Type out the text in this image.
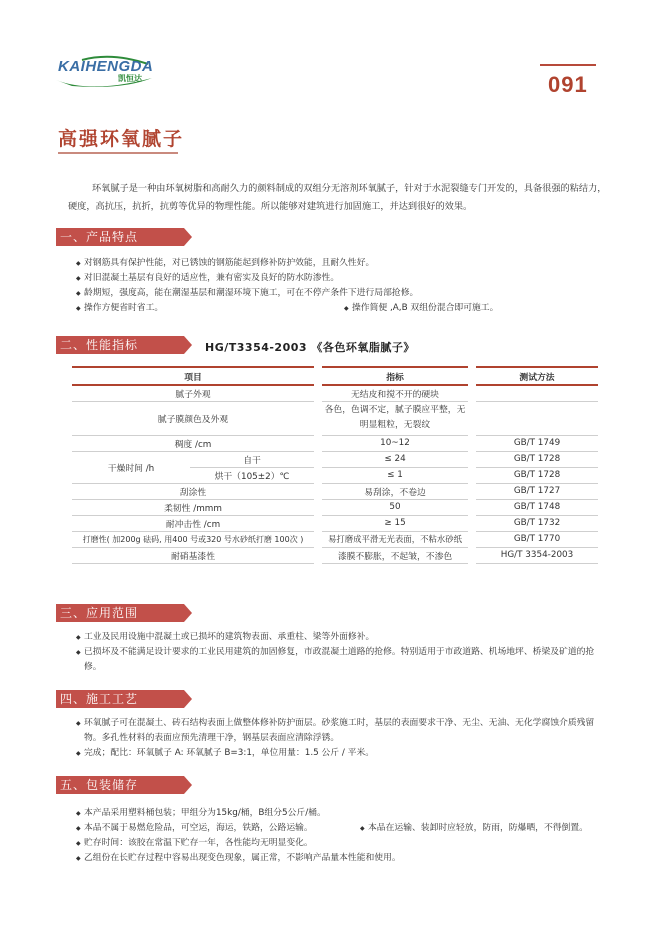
KAIHENGDA
凯恒达	091
高强环氧腻子
环氧腻子是一种由环氧树脂和高耐久力的颜料制成的双组分无溶剂环氧腻子，针对于水泥裂缝专门开发的，具备很强的粘结力，硬度，高抗压，抗折，抗剪等优异的物理性能。所以能够对建筑进行加固施工，并达到很好的效果。
一、产品特点
◆ 对钢筋具有保护性能，对已锈蚀的钢筋能起到修补防护效能，且耐久性好。
◆ 对旧混凝土基层有良好的适应性，兼有密实及良好的防水防渗性。
◆ 龄期短，强度高，能在潮湿基层和潮湿环境下施工，可在不停产条件下进行局部抢修。
◆ 操作方便省时省工。	◆ 操作简便 ,A,B 双组份混合即可施工。
二、性能指标	HG/T3354-2003 《各色环氧脂腻子》
项目			指标		测试方法
腻子外观			无结皮和搅不开的硬块		
腻子膜颜色及外观			各色，色调不定，腻子膜应平整，无明显粗粒，无裂纹		
稠度 /cm			10~12		GB/T 1749
干燥时间 /h	自干		≤ 24		GB/T 1728
	烘干（105±2）℃		≤ 1		GB/T 1728
刮涂性			易刮涂，不卷边		GB/T 1727
柔韧性 /mmm			50		GB/T 1748
耐冲击性 /cm			≥ 15		GB/T 1732
打磨性( 加200g 砝码, 用400 号或320 号水砂纸打磨 100次 )			易打磨成平滑无光表面，不粘水砂纸		GB/T 1770
耐硝基漆性			漆膜不膨胀，不起皱，不渗色		HG/T 3354-2003
三、应用范围
◆ 工业及民用设施中混凝土或已损坏的建筑物表面、承重柱、梁等外面修补。
◆ 已损坏及不能满足设计要求的工业民用建筑的加固修复，市政混凝土道路的抢修。特别适用于市政道路、机场地坪、桥梁及矿道的抢修。
四、施工工艺
◆ 环氧腻子可在混凝土、砖石结构表面上做整体修补防护面层。砂浆施工时，基层的表面要求干净、无尘、无油、无化学腐蚀介质残留物。多孔性材料的表面应预先清理干净，钢基层表面应清除浮锈。
◆ 完成；配比：环氧腻子 A: 环氧腻子 B=3:1，单位用量：1.5 公斤 / 平米。
五、包装储存
◆ 本产品采用塑料桶包装；甲组分为15kg/桶，B组分5公斤/桶。
◆ 本品不属于易燃危险品，可空运，海运，铁路，公路运输。	◆ 本品在运输、装卸时应轻放，防雨，防爆晒，不得倒置。
◆ 贮存时间：该胶在常温下贮存一年，各性能均无明显变化。
◆ 乙组份在长贮存过程中容易出现变色现象，属正常，不影响产品量本性能和使用。
